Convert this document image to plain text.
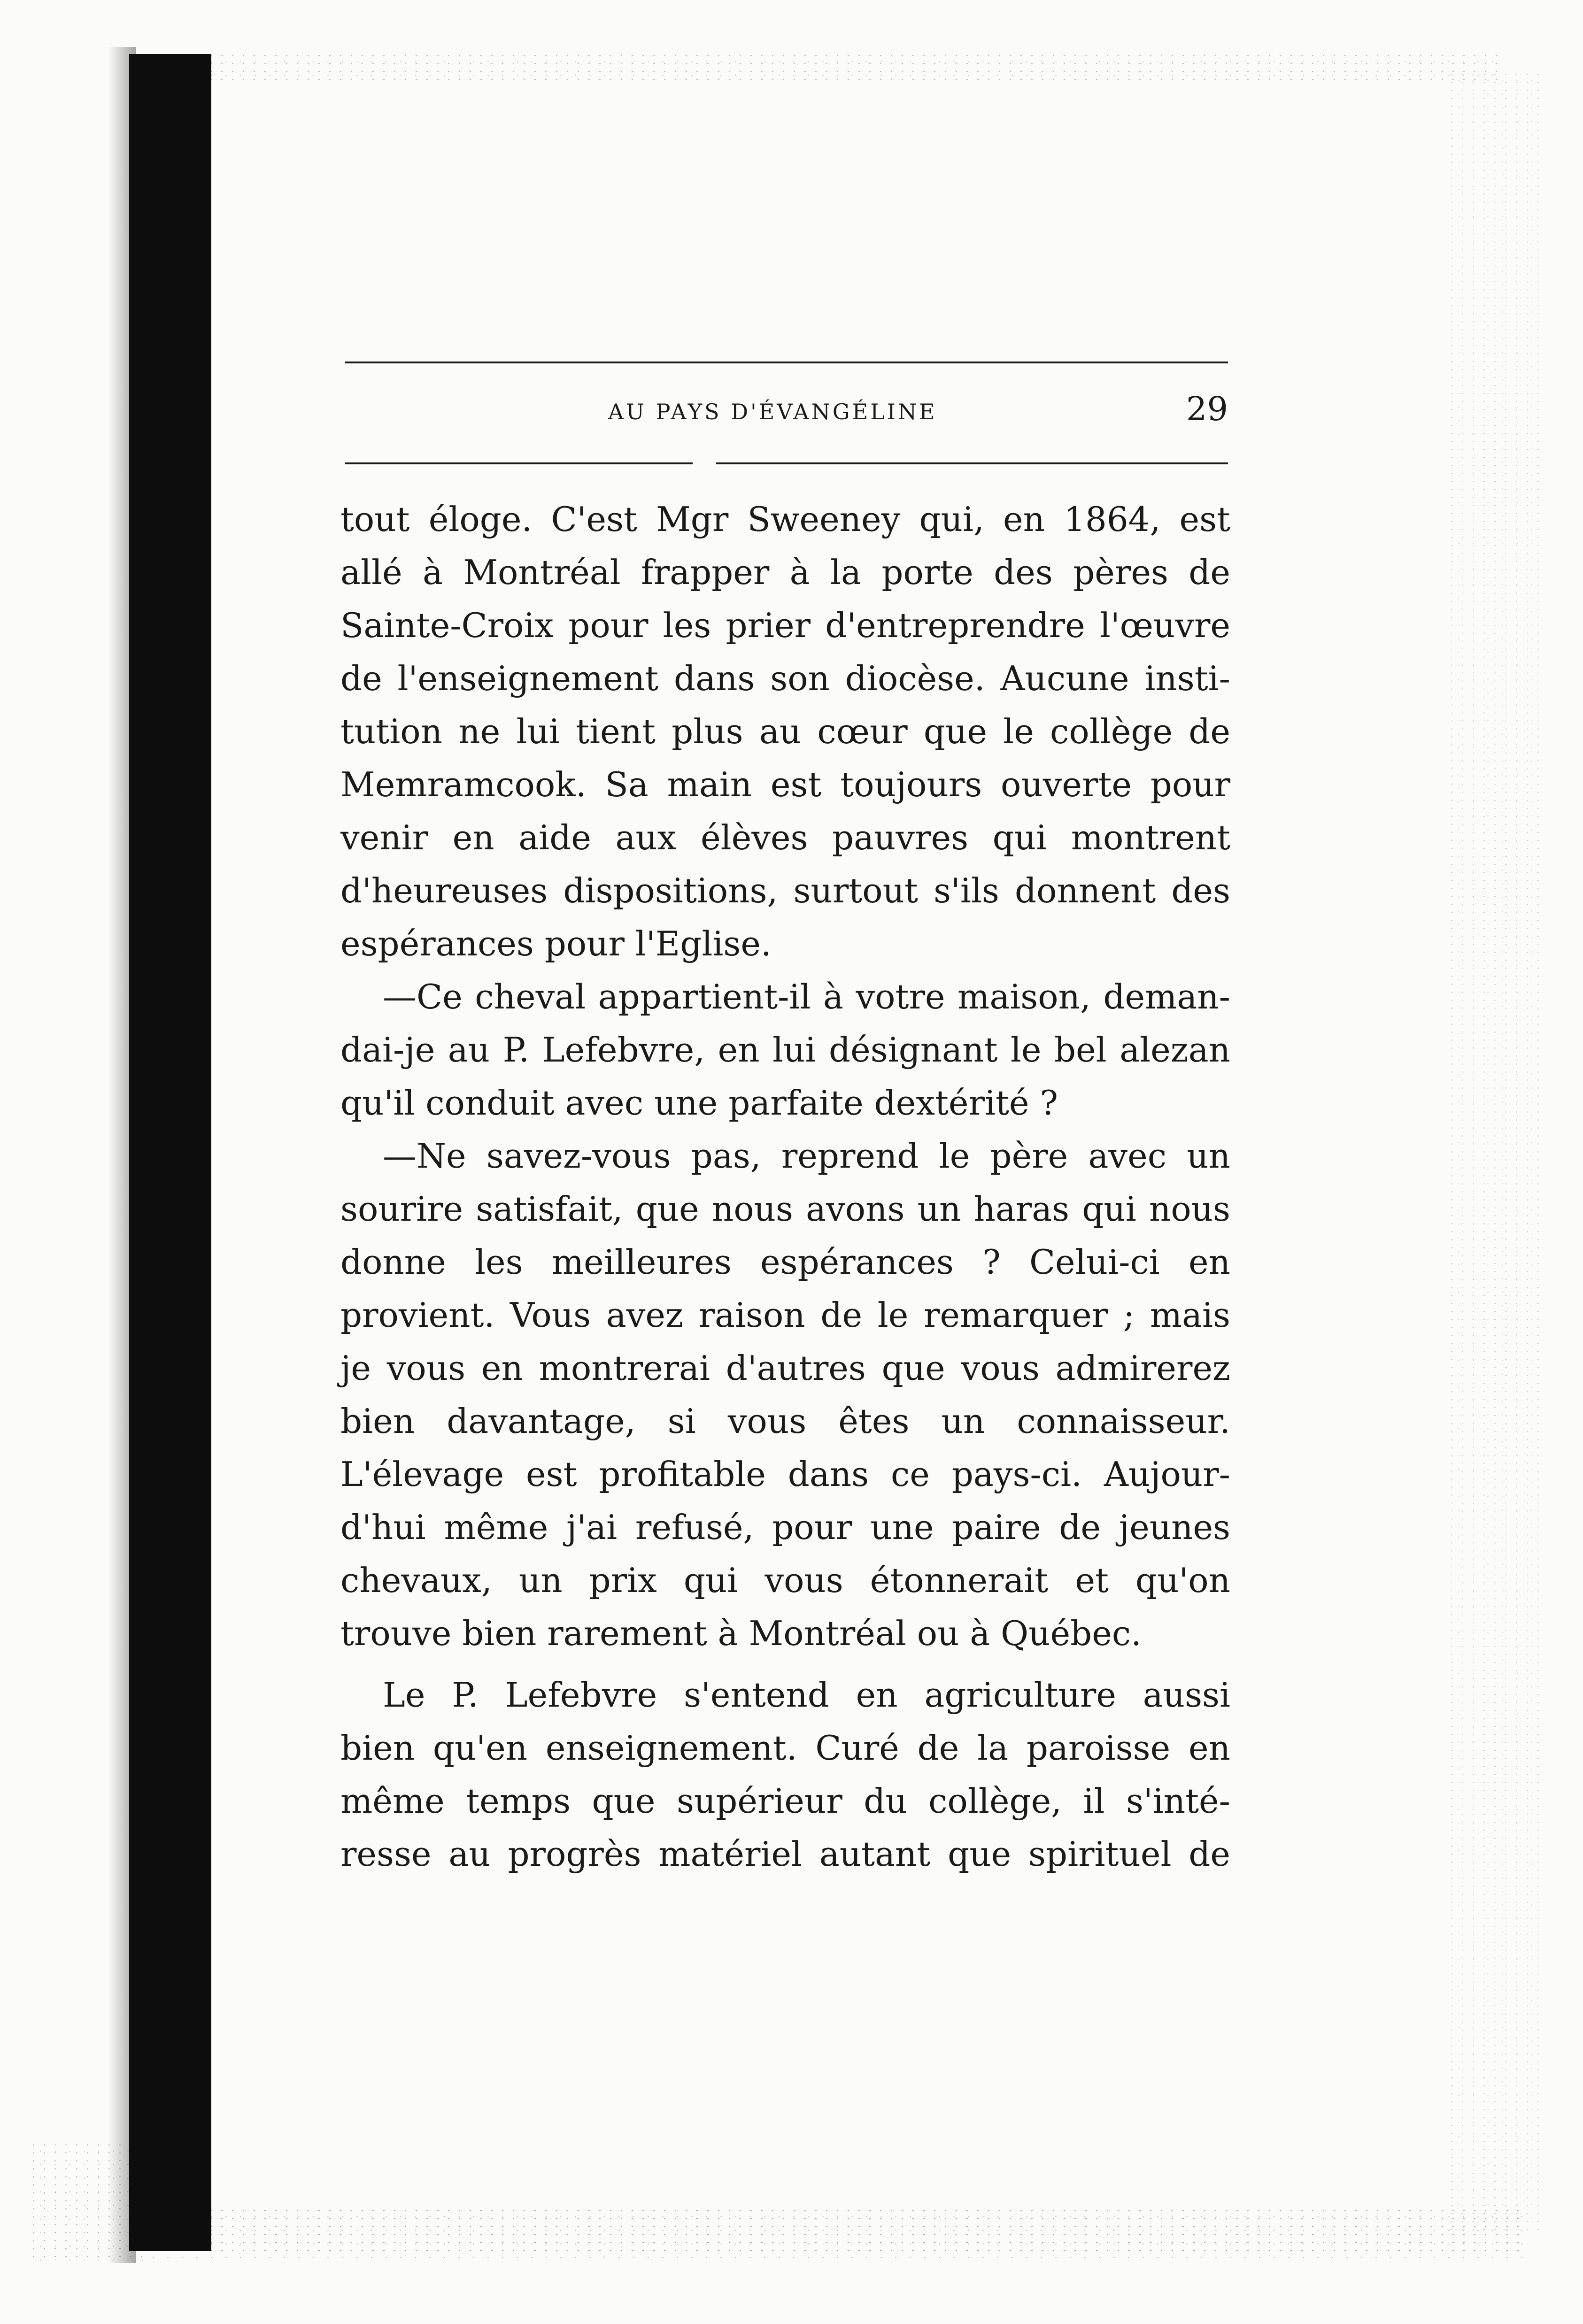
AU PAYS D'ÉVANGÉLINE	29
tout éloge. C'est Mgr Sweeney qui, en 1864, est
allé à Montréal frapper à la porte des pères de
Sainte-Croix pour les prier d'entreprendre l'œuvre
de l'enseignement dans son diocèse. Aucune insti-
tution ne lui tient plus au cœur que le collège de
Memramcook. Sa main est toujours ouverte pour
venir en aide aux élèves pauvres qui montrent
d'heureuses dispositions, surtout s'ils donnent des
espérances pour l'Eglise.
—Ce cheval appartient-il à votre maison, deman-
dai-je au P. Lefebvre, en lui désignant le bel alezan
qu'il conduit avec une parfaite dextérité ?
—Ne savez-vous pas, reprend le père avec un
sourire satisfait, que nous avons un haras qui nous
donne les meilleures espérances ? Celui-ci en
provient. Vous avez raison de le remarquer ; mais
je vous en montrerai d'autres que vous admirerez
bien davantage, si vous êtes un connaisseur.
L'élevage est profitable dans ce pays-ci. Aujour-
d'hui même j'ai refusé, pour une paire de jeunes
chevaux, un prix qui vous étonnerait et qu'on
trouve bien rarement à Montréal ou à Québec.
Le P. Lefebvre s'entend en agriculture aussi
bien qu'en enseignement. Curé de la paroisse en
même temps que supérieur du collège, il s'inté-
resse au progrès matériel autant que spirituel de
